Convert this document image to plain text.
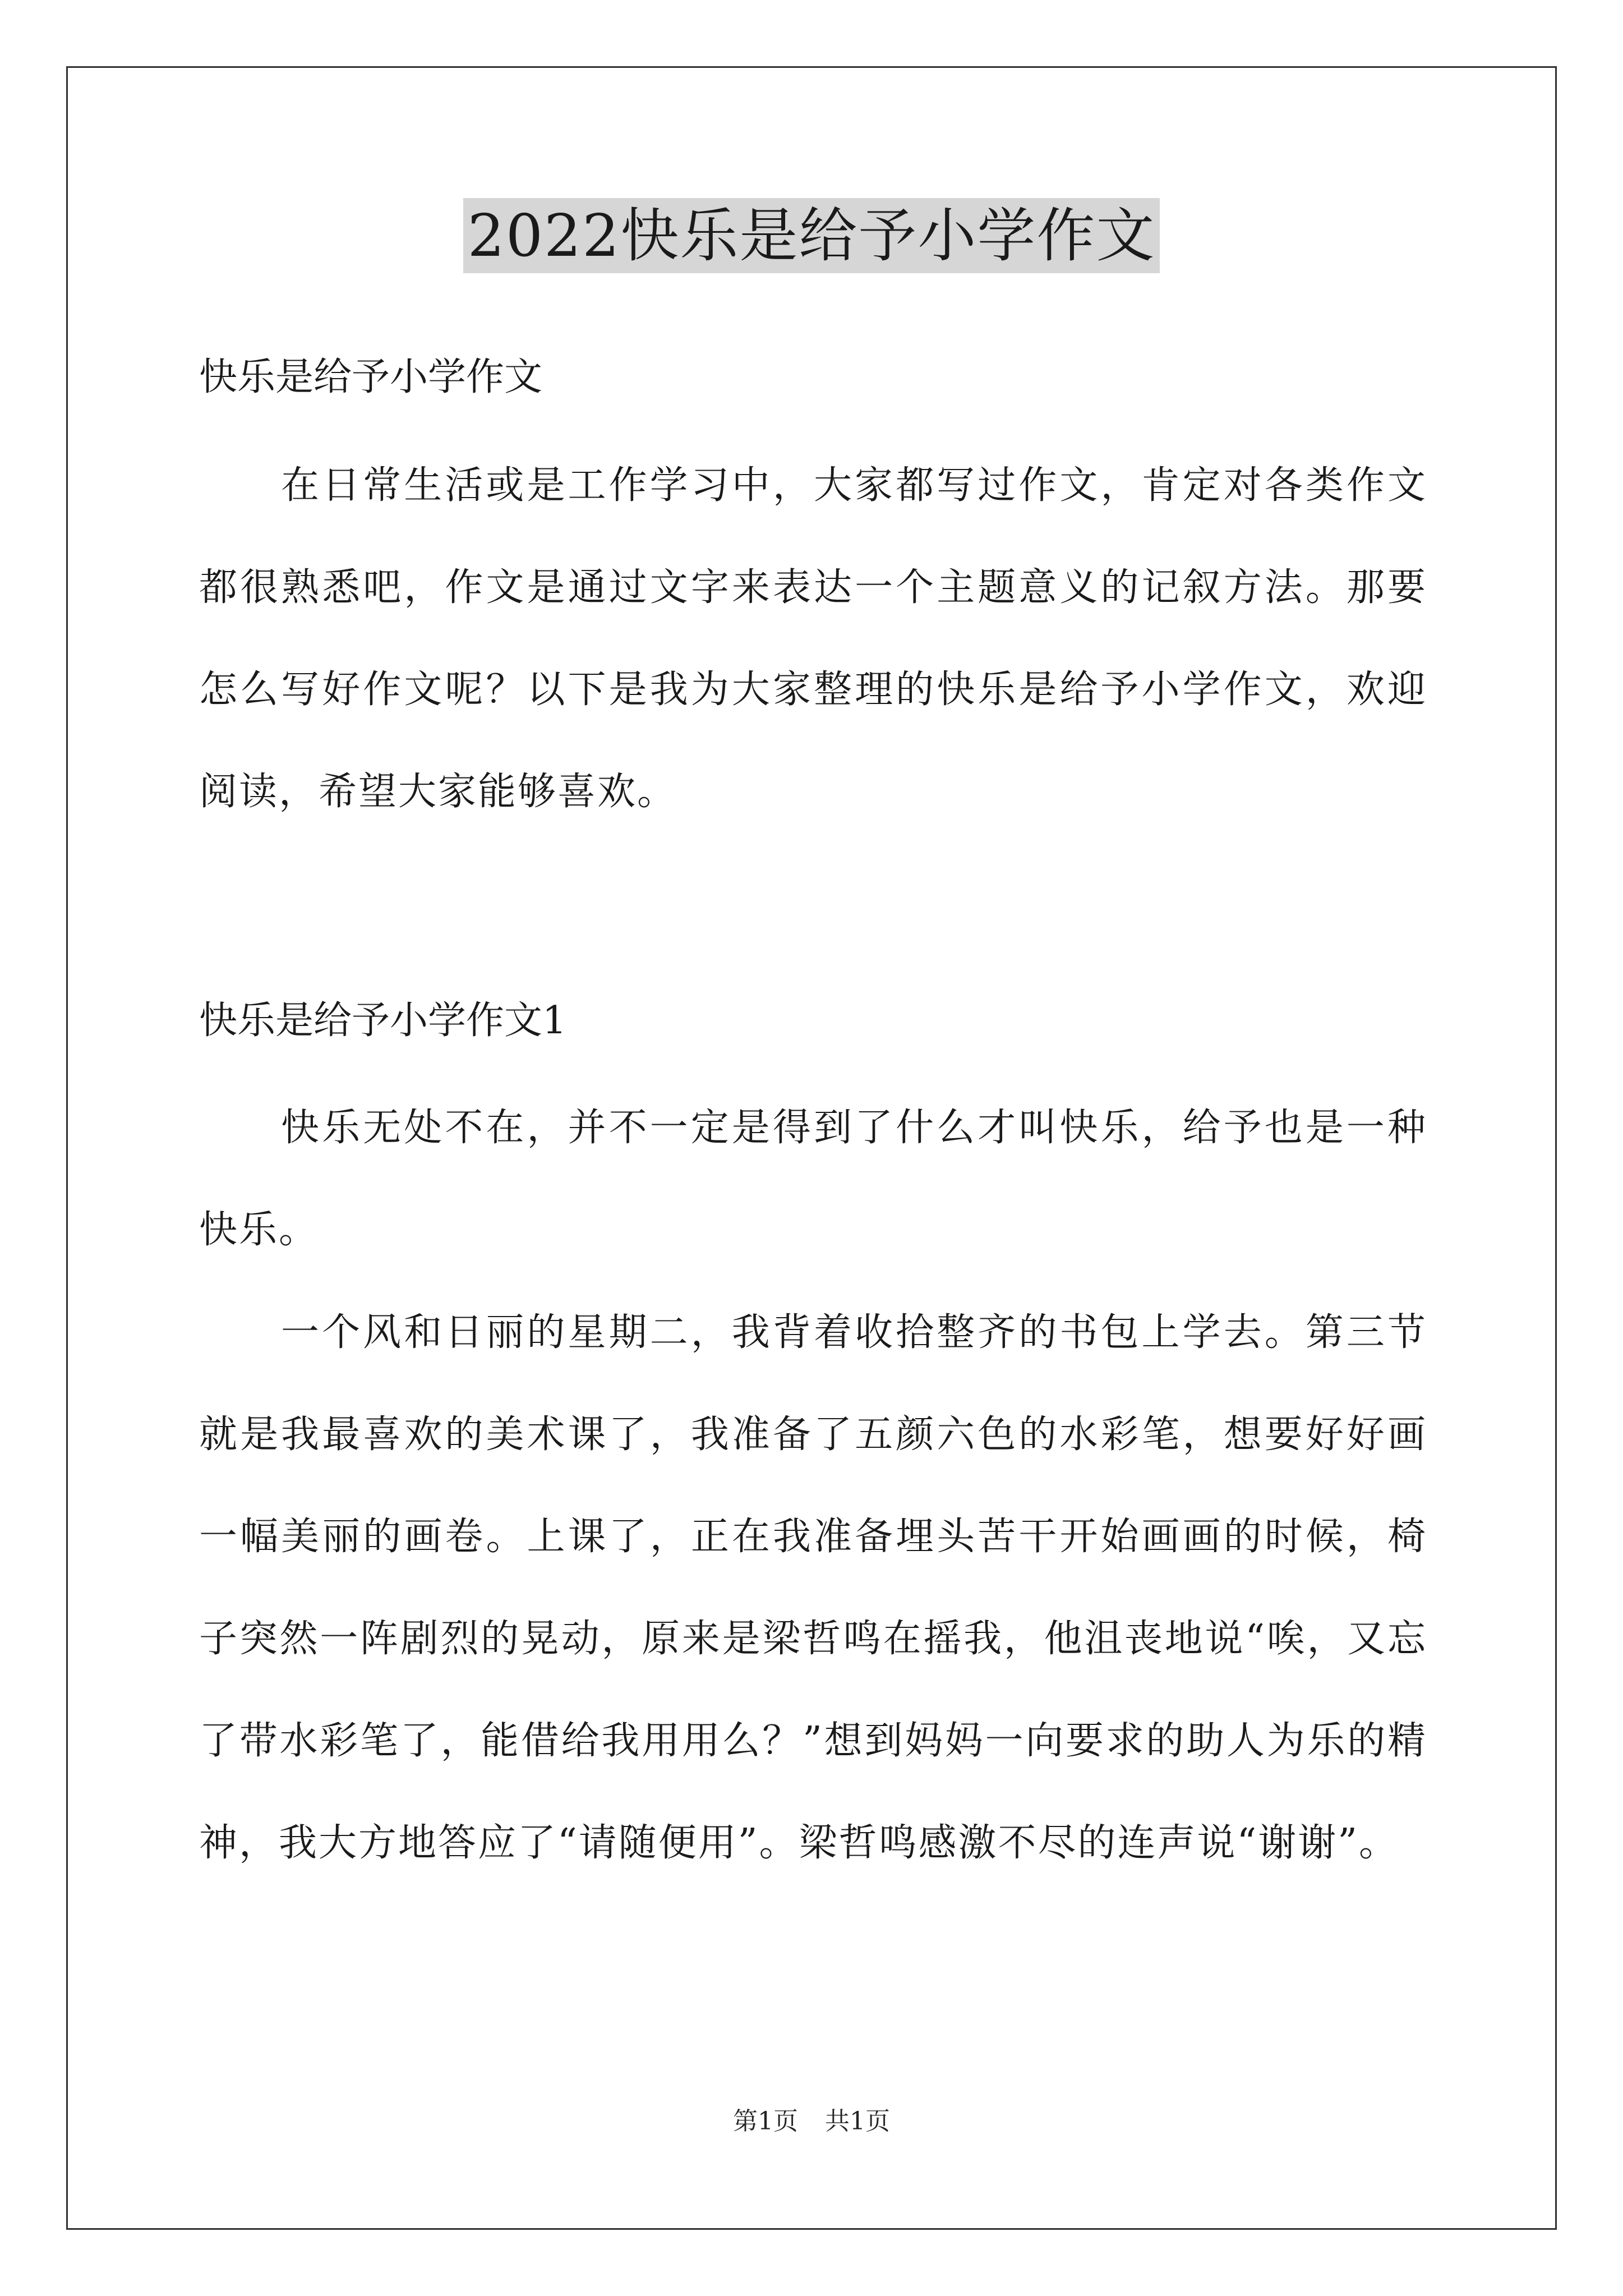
2022快乐是给予小学作文

快乐是给予小学作文

在日常生活或是工作学习中，大家都写过作文，肯定对各类作文都很熟悉吧，作文是通过文字来表达一个主题意义的记叙方法。那要怎么写好作文呢？以下是我为大家整理的快乐是给予小学作文，欢迎阅读，希望大家能够喜欢。

快乐是给予小学作文1

快乐无处不在，并不一定是得到了什么才叫快乐，给予也是一种快乐。

一个风和日丽的星期二，我背着收拾整齐的书包上学去。第三节就是我最喜欢的美术课了，我准备了五颜六色的水彩笔，想要好好画一幅美丽的画卷。上课了，正在我准备埋头苦干开始画画的时候，椅子突然一阵剧烈的晃动，原来是梁哲鸣在摇我，他沮丧地说“唉，又忘了带水彩笔了，能借给我用用么？”想到妈妈一向要求的助人为乐的精神，我大方地答应了“请随便用”。梁哲鸣感激不尽的连声说“谢谢”。

第1页 共1页
